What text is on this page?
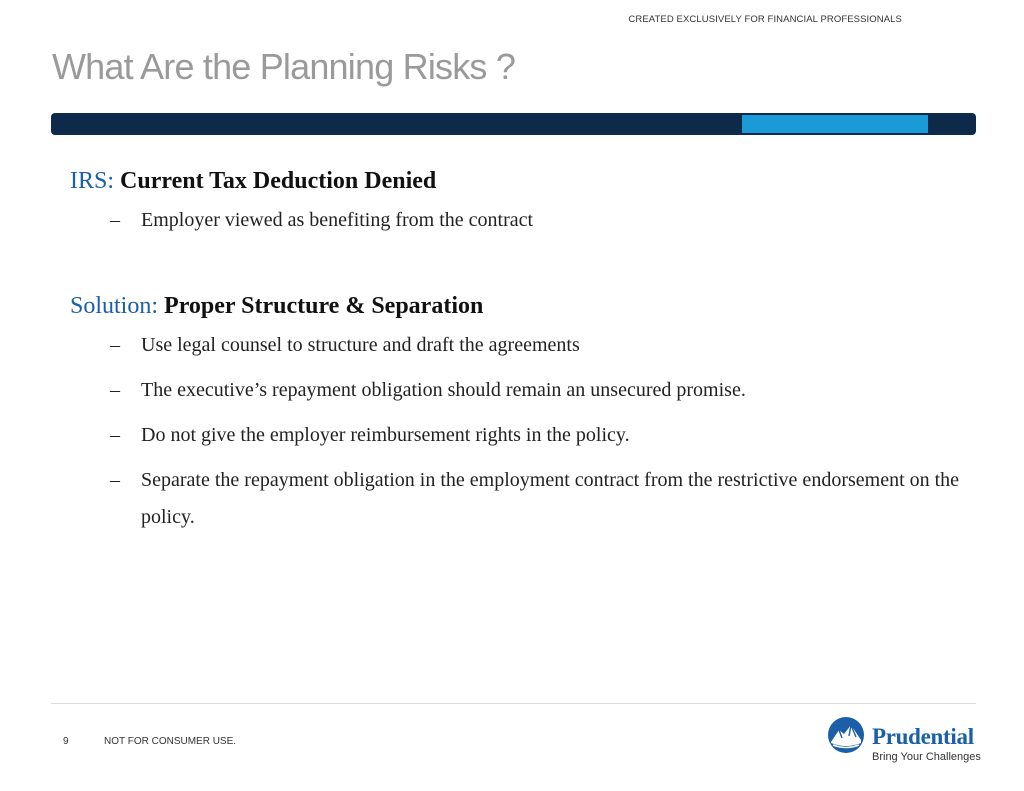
CREATED EXCLUSIVELY FOR FINANCIAL PROFESSIONALS
What Are the Planning Risks ?

IRS: Current Tax Deduction Denied

–	Employer viewed as benefiting from the contract

Solution: Proper Structure & Separation

–	Use legal counsel to structure and draft the agreements
–	The executive’s repayment obligation should remain an unsecured promise.
–	Do not give the employer reimbursement rights in the policy.
–	Separate the repayment obligation in the employment contract from the restrictive endorsement on the policy.
9	NOT FOR CONSUMER USE.	Prudential
Bring Your Challenges
